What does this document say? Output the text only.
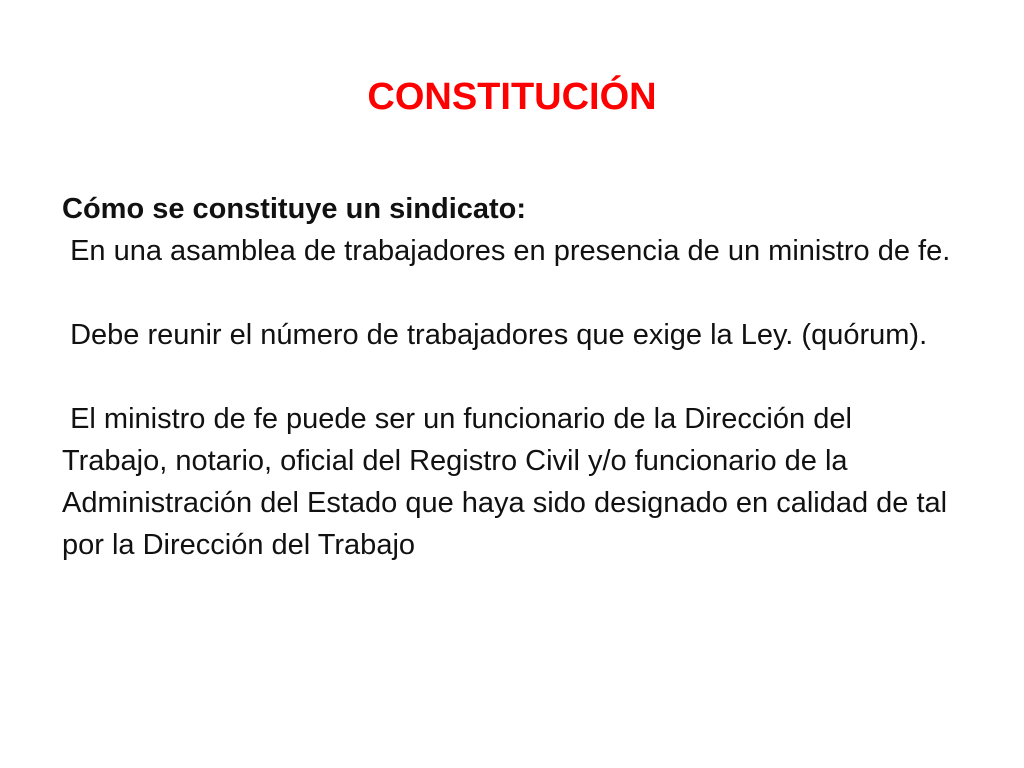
CONSTITUCIÓN

Cómo se constituye un sindicato:

En una asamblea de trabajadores en presencia de un ministro de fe.

Debe reunir el número de trabajadores que exige la Ley. (quórum).

El ministro de fe puede ser un funcionario de la Dirección del Trabajo, notario, oficial del Registro Civil y/o funcionario de la Administración del Estado que haya sido designado en calidad de tal por la Dirección del Trabajo
